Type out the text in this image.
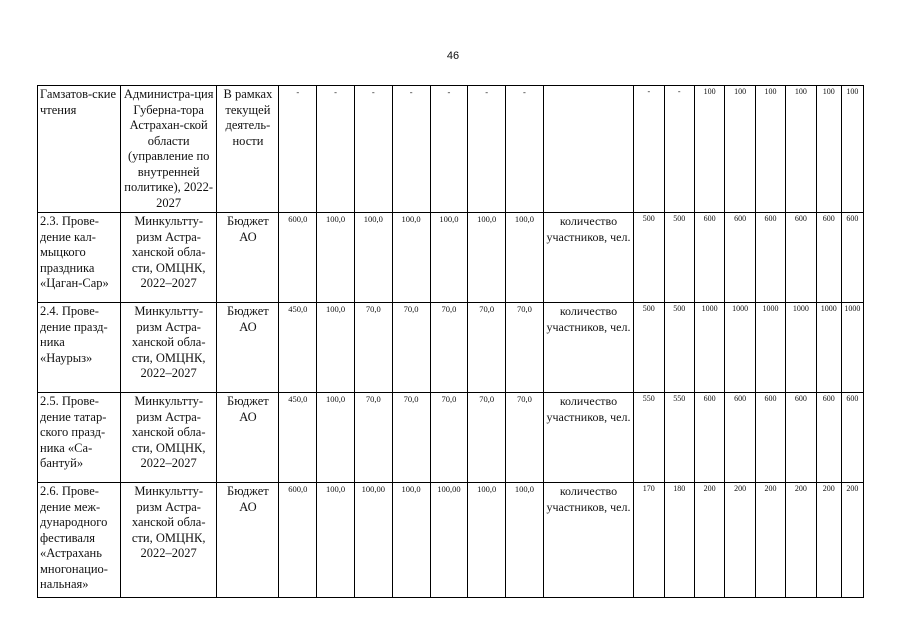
46
Гамзатов-ские чтения	Администра-ция Губерна-тора Астрахан-ской области (управление по внутренней политике), 2022-2027	В рамках текущей деятель-ности	-	-	-	-	-	-	-		-	-	100	100	100	100	100	100
2.3. Прове-дение кал-мыцкого праздника «Цаган-Сар»	Минкультту-ризм Астра-ханской обла-сти, ОМЦНК, 2022–2027	Бюджет АО	600,0	100,0	100,0	100,0	100,0	100,0	100,0	количество участников, чел.	500	500	600	600	600	600	600	600
2.4. Прове-дение празд-ника «Наурыз»	Минкультту-ризм Астра-ханской обла-сти, ОМЦНК, 2022–2027	Бюджет АО	450,0	100,0	70,0	70,0	70,0	70,0	70,0	количество участников, чел.	500	500	1000	1000	1000	1000	1000	1000
2.5. Прове-дение татар-ского празд-ника «Са-бантуй»	Минкультту-ризм Астра-ханской обла-сти, ОМЦНК, 2022–2027	Бюджет АО	450,0	100,0	70,0	70,0	70,0	70,0	70,0	количество участников, чел.	550	550	600	600	600	600	600	600
2.6. Прове-дение меж-дународного фестиваля «Астрахань многонацио-нальная»	Минкультту-ризм Астра-ханской обла-сти, ОМЦНК, 2022–2027	Бюджет АО	600,0	100,0	100,00	100,0	100,00	100,0	100,0	количество участников, чел.	170	180	200	200	200	200	200	200
